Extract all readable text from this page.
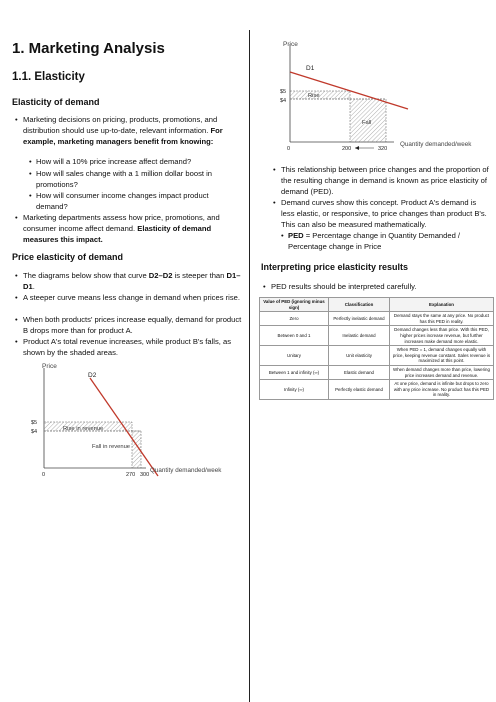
1. Marketing Analysis
1.1. Elasticity
Elasticity of demand
• Marketing decisions on pricing, products, promotions, and distribution should use up-to-date, relevant information. For example, marketing managers benefit from knowing:
• How will a 10% price increase affect demand?
• How will sales change with a 1 million dollar boost in promotions?
• How will consumer income changes impact product demand?
• Marketing departments assess how price, promotions, and consumer income affect demand. Elasticity of demand measures this impact.
Price elasticity of demand
• The diagrams below show that curve D2–D2 is steeper than D1–D1.
• A steeper curve means less change in demand when prices rise.
• When both products' prices increase equally, demand for product B drops more than for product A.
• Product A's total revenue increases, while product B's falls, as shown by the shaded areas.
Price
D2
$5
$4	Rise in revenue
Fall in revenue
0	270 300
Quantity demanded/week
Price
D1
$5
$4
Rise
Fall
0	200	320
Quantity demanded/week
• This relationship between price changes and the proportion of the resulting change in demand is known as price elasticity of demand (PED).
• Demand curves show this concept. Product A's demand is less elastic, or responsive, to price changes than product B's. This can also be measured mathematically.
• PED = Percentage change in Quantity Demanded / Percentage change in Price
Interpreting price elasticity results
• PED results should be interpreted carefully.
Value of PED (ignoring minus sign)	Classification	Explanation
Zero	Perfectly inelastic demand	Demand stays the same at any price. No product has this PED in reality.
Between 0 and 1	Inelastic demand	Demand changes less than price. With this PED, higher prices increase revenue, but further increases make demand more elastic.
Unitary	Unit elasticity	When PED = 1, demand changes equally with price, keeping revenue constant. Sales revenue is maximized at this point.
Between 1 and infinity (∞)	Elastic demand	When demand changes more than price, lowering price increases demand and revenue.
Infinity (∞)	Perfectly elastic demand	At one price, demand is infinite but drops to zero with any price increase. No product has this PED in reality.
